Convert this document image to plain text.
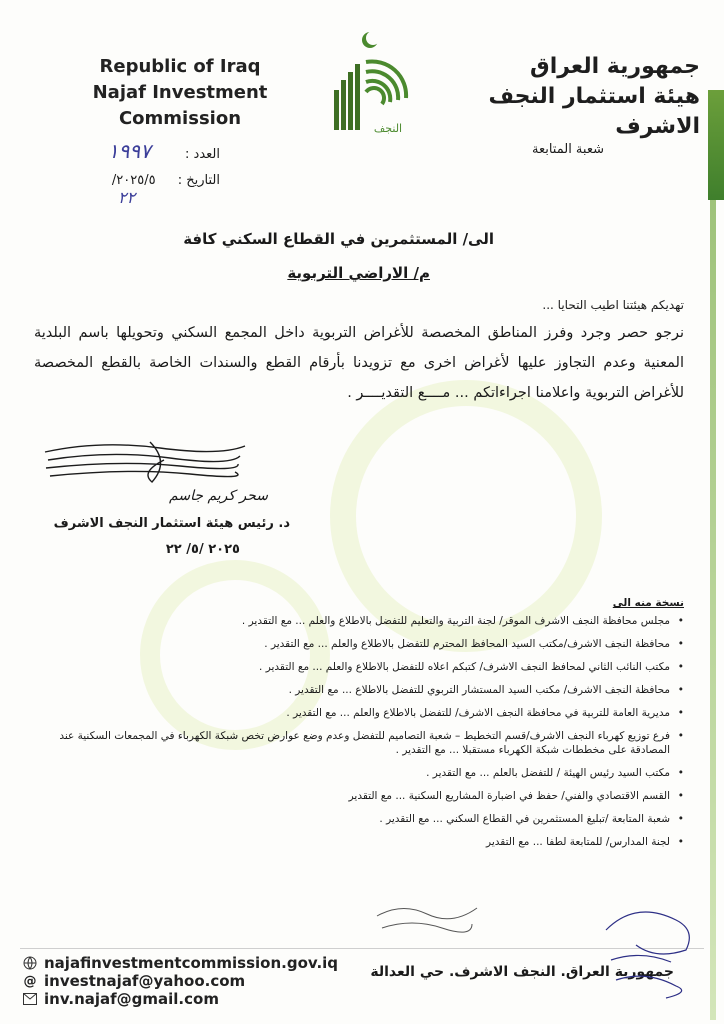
Republic of Iraq
Najaf Investment Commission	النجف
جمهورية العراق
هيئة استثمار النجف الاشرف
العدد : ١٩٩٧
التاريخ : ٢٠٢٥/٥/
٢٢
شعبة المتابعة
الى/ المستثمرين في القطاع السكني كافة
م/ الاراضي التربوية
تهديكم هيئتنا اطيب التحايا ...
نرجو حصر وجرد وفرز المناطق المخصصة للأغراض التربوية داخل المجمع السكني وتحويلها باسم البلدية المعنية وعدم التجاوز عليها لأغراض اخرى مع تزويدنا بأرقام القطع والسندات الخاصة بالقطع المخصصة للأغراض التربوية واعلامنا اجراءاتكم ... مــــع التقديــــر .
سحر كريم جاسم
د. رئيس هيئة استثمار النجف الاشرف
٢٠٢٥ /٥/ ٢٢
نسخة منه الى
• مجلس محافظة النجف الاشرف الموقر/ لجنة التربية والتعليم للتفضل بالاطلاع والعلم ... مع التقدير .
• محافظة النجف الاشرف/مكتب السيد المحافظ المحترم للتفضل بالاطلاع والعلم ... مع التقدير .
• مكتب النائب الثاني لمحافظ النجف الاشرف/ كتبكم اعلاه للتفضل بالاطلاع والعلم ... مع التقدير .
• محافظة النجف الاشرف/ مكتب السيد المستشار التربوي للتفضل بالاطلاع ... مع التقدير .
• مديرية العامة للتربية في محافظة النجف الاشرف/ للتفضل بالاطلاع والعلم ... مع التقدير .
• فرع توزيع كهرباء النجف الاشرف/قسم التخطيط – شعبة التصاميم للتفضل وعدم وضع عوارض تخص شبكة الكهرباء في المجمعات السكنية عند المصادقة على مخططات شبكة الكهرباء مستقبلا ... مع التقدير .
• مكتب السيد رئيس الهيئة / للتفضل بالعلم ... مع التقدير .
• القسم الاقتصادي والفني/ حفظ في اضبارة المشاريع السكنية ... مع التقدير
• شعبة المتابعة /تبليغ المستثمرين في القطاع السكني ... مع التقدير .
• لجنة المدارس/ للمتابعة لطفا ... مع التقدير
najafinvestmentcommission.gov.iq
@ investnajaf@yahoo.com
inv.najaf@gmail.com
جمهورية العراق. النجف الاشرف. حي العدالة
